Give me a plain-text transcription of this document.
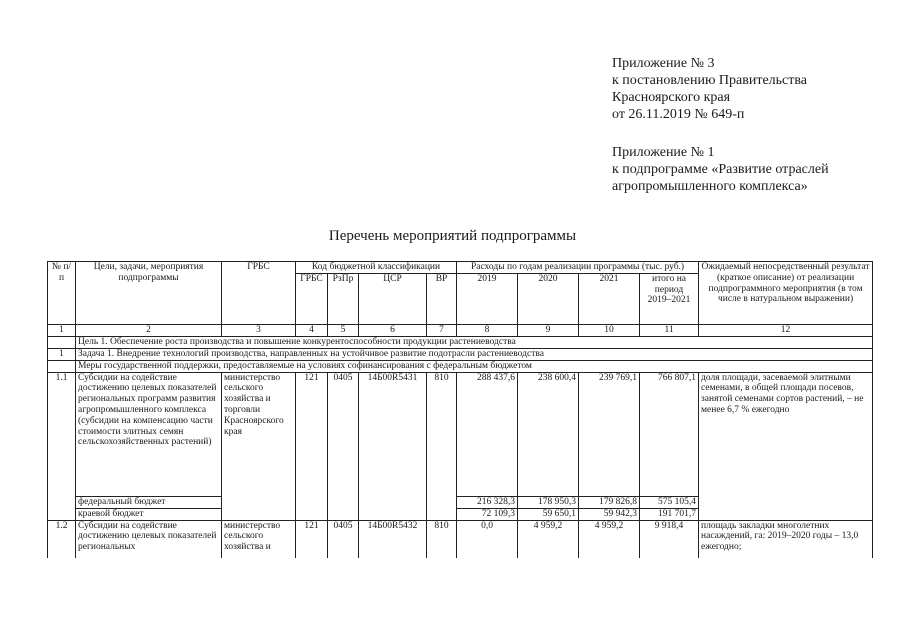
Приложение № 3
к постановлению Правительства
Красноярского края
от 26.11.2019 № 649-п
Приложение № 1
к подпрограмме «Развитие отраслей
агропромышленного комплекса»
Перечень мероприятий подпрограммы
№ п/п	Цели, задачи, мероприятия подпрограммы	ГРБС	Код бюджетной классификации				Расходы по годам реализации программы (тыс. руб.)				Ожидаемый непосредственный результат (краткое описание) от реализации подпрограммного мероприятия (в том числе в натуральном выражении)
			ГРБС	РзПр	ЦСР	ВР	2019	2020	2021	итого на период 2019–2021	
1	2	3	4	5	6	7	8	9	10	11	12
	Цель 1. Обеспечение роста производства и повышение конкурентоспособности продукции растениеводства										
1	Задача 1. Внедрение технологий производства, направленных на устойчивое развитие подотрасли растениеводства										
	Меры государственной поддержки, предоставляемые на условиях софинансирования с федеральным бюджетом										
1.1	Субсидии на содействие достижению целевых показателей региональных программ развития агропромышленного комплекса (субсидии на компенсацию части стоимости элитных семян сельскохозяйственных растений)	министерство сельского хозяйства и торговли Красноярского края	121	0405	14Б00R5431	810	288 437,6	238 600,4	239 769,1	766 807,1	доля площади, засеваемой элитными семенами, в общей площади посевов, занятой семенами сортов растений, – не менее 6,7 % ежегодно
	федеральный бюджет						216 328,3	178 950,3	179 826,8	575 105,4	
	краевой бюджет						72 109,3	59 650,1	59 942,3	191 701,7	
1.2	Субсидии на содействие достижению целевых показателей региональных	министерство сельского хозяйства и	121	0405	14Б00R5432	810	0,0	4 959,2	4 959,2	9 918,4	площадь закладки многолетних насаждений, га: 2019–2020 годы – 13,0 ежегодно;
